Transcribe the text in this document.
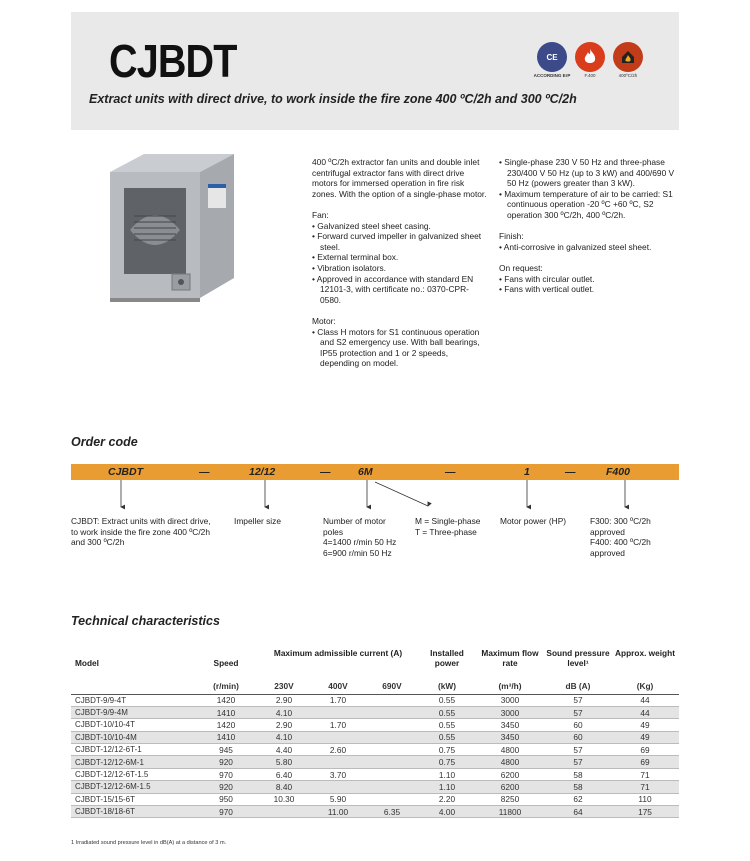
CJBDT
Extract units with direct drive, to work inside the fire zone 400 ºC/2h and 300 ºC/2h
CE
ACCORDING ErP	F.400	400ºC/2h

400 ºC/2h extractor fan units and double inlet centrifugal extractor fans with direct drive motors for immersed operation in fire risk zones. With the option of a single-phase motor.

Fan:
• Galvanized steel sheet casing.
• Forward curved impeller in galvanized sheet steel.
• External terminal box.
• Vibration isolators.
• Approved in accordance with standard EN 12101-3, with certificate no.: 0370-CPR-0580.
Motor:
• Class H motors for S1 continuous operation and S2 emergency use. With ball bearings, IP55 protection and 1 or 2 speeds, depending on model.
• Single-phase 230 V 50 Hz and three-phase 230/400 V 50 Hz (up to 3 kW) and 400/690 V 50 Hz (powers greater than 3 kW).
• Maximum temperature of air to be carried: S1 continuous operation -20 ºC +60 ºC, S2 operation 300 ºC/2h, 400 ºC/2h.
Finish:
• Anti-corrosive in galvanized steel sheet.
On request:
• Fans with circular outlet.
• Fans with vertical outlet.
Order code
CJBDT	—	12/12	—	6M	—	1	—	F400
CJBDT: Extract units with direct drive, to work inside the fire zone 400 ºC/2h and 300 ºC/2h
Impeller size	Number of motor poles
4=1400 r/min 50 Hz
6=900 r/min 50 Hz
M = Single-phase
T = Three-phase
Motor power (HP)	F300: 300 ºC/2h approved
F400: 400 ºC/2h approved
Technical characteristics
Model	Speed	Maximum admissible current (A)			Installed power	Maximum flow rate	Sound pressure level¹	Approx. weight
	(r/min)	230V	400V	690V	(kW)	(m³/h)	dB (A)	(Kg)
CJBDT-9/9-4T	1420	2.90	1.70		0.55	3000	57	44
CJBDT-9/9-4M	1410	4.10			0.55	3000	57	44
CJBDT-10/10-4T	1420	2.90	1.70		0.55	3450	60	49
CJBDT-10/10-4M	1410	4.10			0.55	3450	60	49
CJBDT-12/12-6T-1	945	4.40	2.60		0.75	4800	57	69
CJBDT-12/12-6M-1	920	5.80			0.75	4800	57	69
CJBDT-12/12-6T-1.5	970	6.40	3.70		1.10	6200	58	71
CJBDT-12/12-6M-1.5	920	8.40			1.10	6200	58	71
CJBDT-15/15-6T	950	10.30	5.90		2.20	8250	62	110
CJBDT-18/18-6T	970		11.00	6.35	4.00	11800	64	175
1 Irradiated sound pressure level in dB(A) at a distance of 3 m.
